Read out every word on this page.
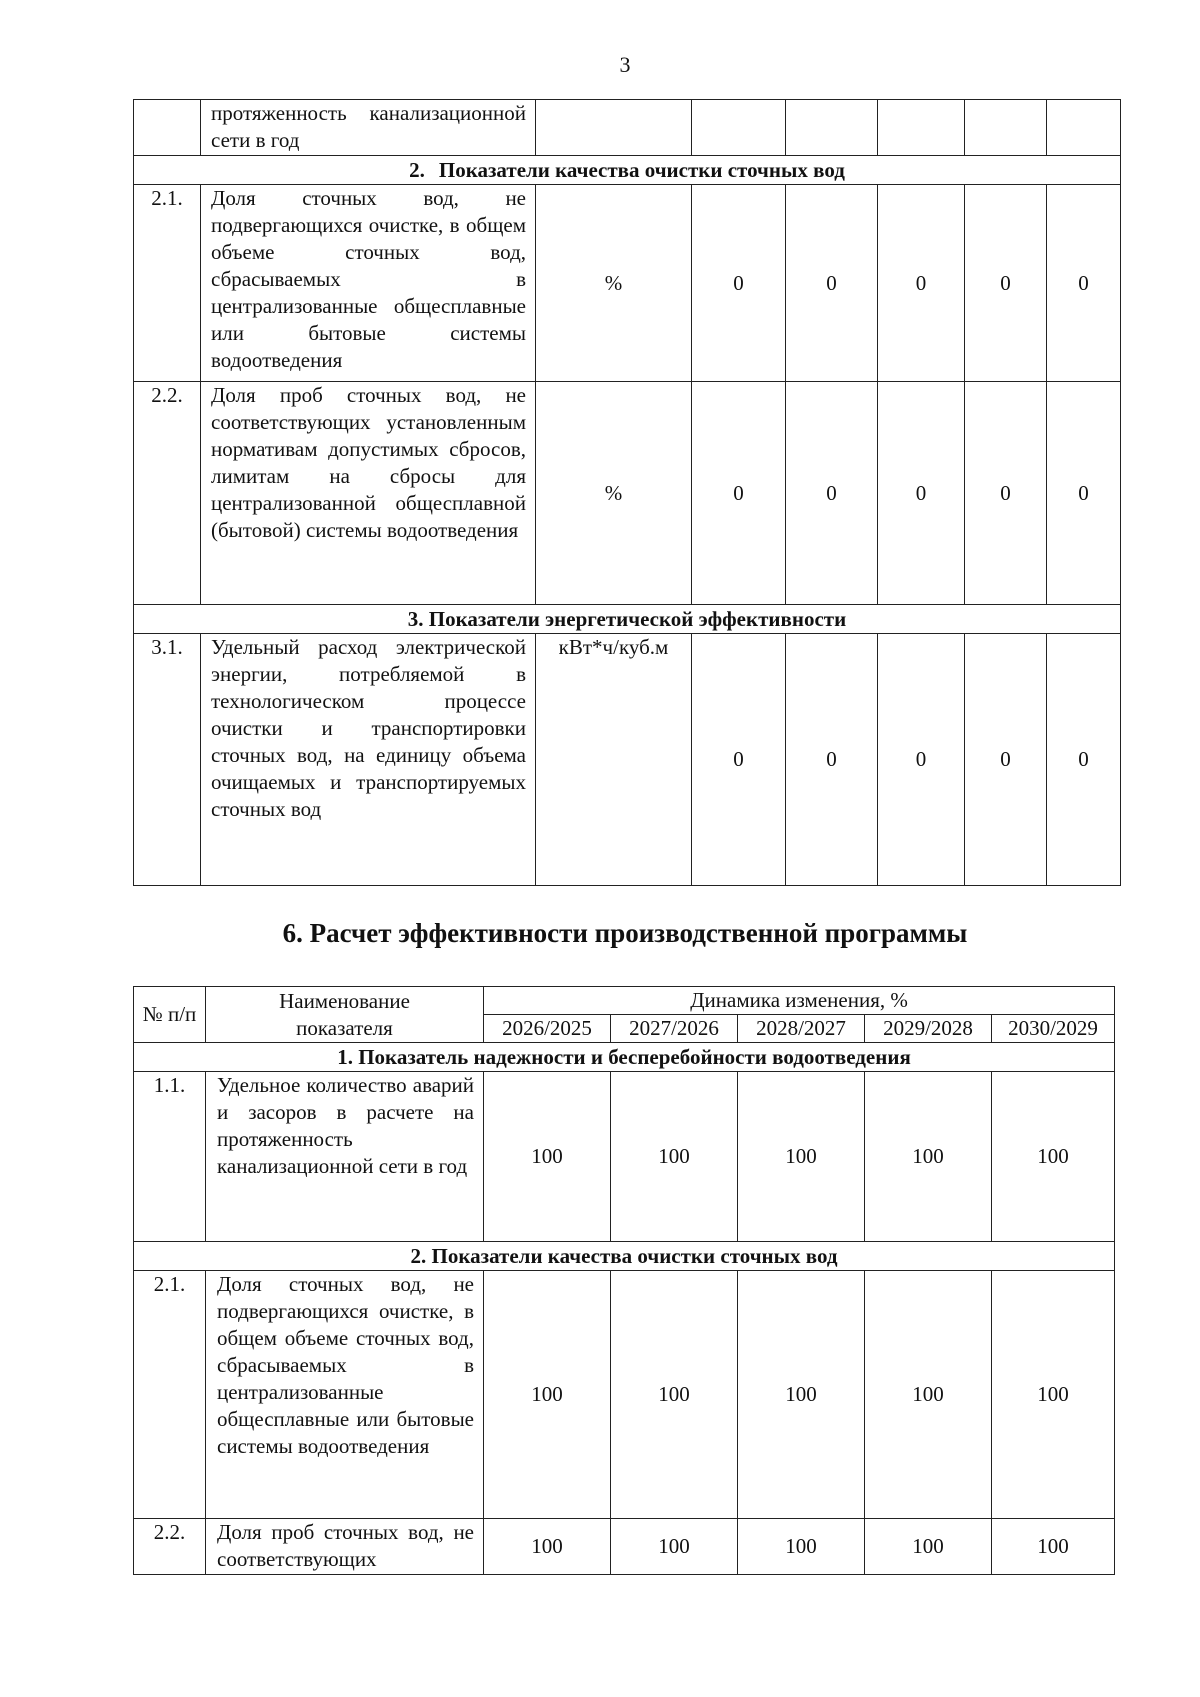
3
	протяженность канализационной сети в год						
2. Показатели качества очистки сточных вод							
2.1.	Доля сточных вод, не подвергающихся очистке, в общем объеме сточных вод, сбрасываемых в централизованные общесплавные или бытовые системы водоотведения	%	0	0	0	0	0
2.2.	Доля проб сточных вод, не соответствующих установленным нормативам допустимых сбросов, лимитам на сбросы для централизованной общесплавной (бытовой) системы водоотведения	%	0	0	0	0	0
3. Показатели энергетической эффективности							
3.1.	Удельный расход электрической энергии, потребляемой в технологическом процессе очистки и транспортировки сточных вод, на единицу объема очищаемых и транспортируемых сточных вод	кВт*ч/куб.м	0	0	0	0	0
6. Расчет эффективности производственной программы
№ п/п	Наименование показателя	Динамика изменения, %				
		2026/2025	2027/2026	2028/2027	2029/2028	2030/2029
1. Показатель надежности и бесперебойности водоотведения						
1.1.	Удельное количество аварий и засоров в расчете на протяженность канализационной сети в год	100	100	100	100	100
2. Показатели качества очистки сточных вод						
2.1.	Доля сточных вод, не подвергающихся очистке, в общем объеме сточных вод, сбрасываемых в централизованные общесплавные или бытовые системы водоотведения	100	100	100	100	100
2.2.	Доля проб сточных вод, не соответствующих	100	100	100	100	100
